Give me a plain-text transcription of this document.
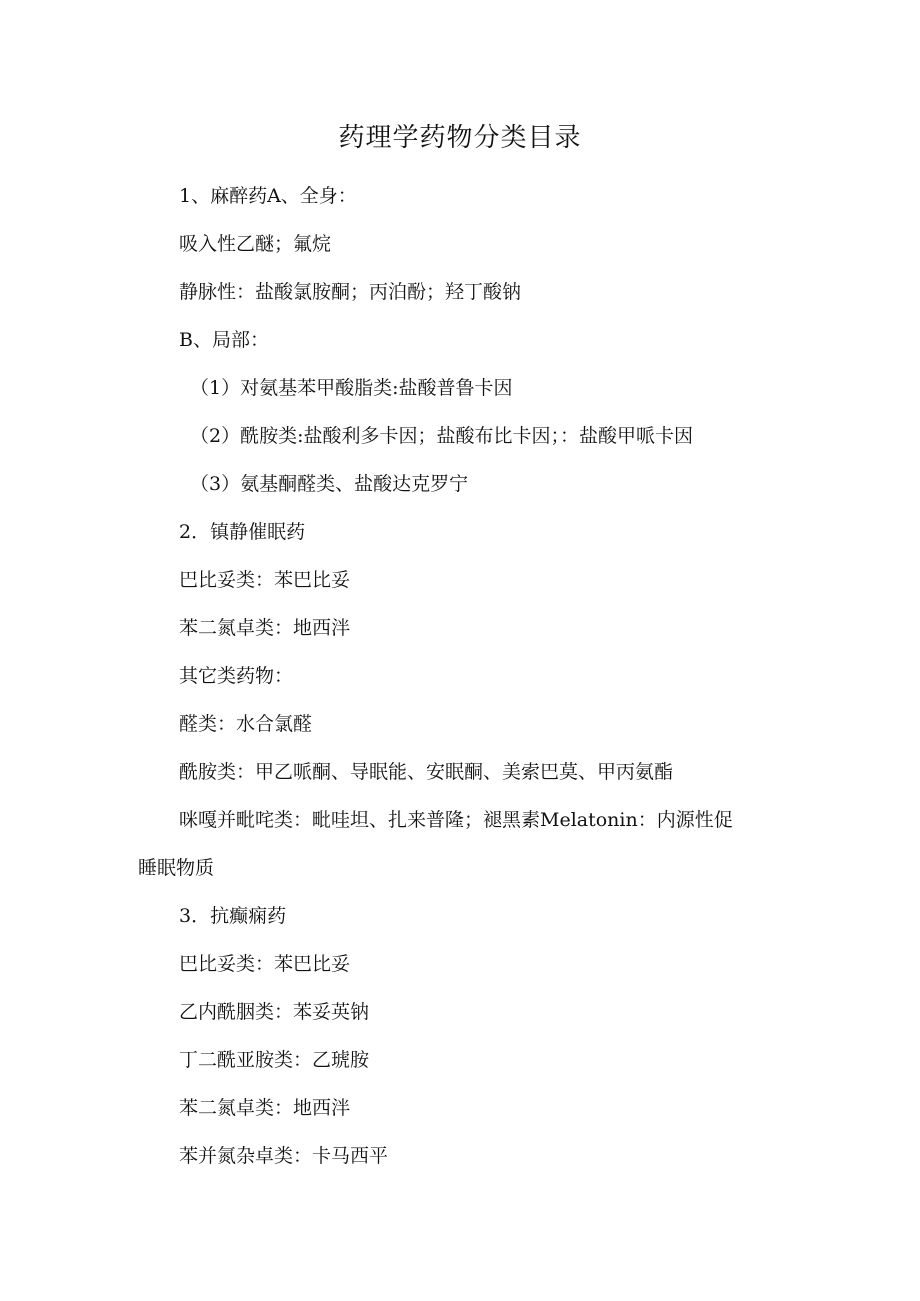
药理学药物分类目录
1、麻醉药A、全身：
吸入性乙醚；氟烷
静脉性：盐酸氯胺酮；丙泊酚；羟丁酸钠
B、局部：
（1）对氨基苯甲酸脂类:盐酸普鲁卡因
（2）酰胺类:盐酸利多卡因；盐酸布比卡因；：盐酸甲哌卡因
（3）氨基酮醛类、盐酸达克罗宁
2．镇静催眠药
巴比妥类：苯巴比妥
苯二氮卓类：地西泮
其它类药物：
醛类：水合氯醛
酰胺类：甲乙哌酮、导眠能、安眠酮、美索巴莫、甲丙氨酯
咪嘎并毗咤类：毗哇坦、扎来普隆；褪黑素Melatonin：内源性促
睡眠物质
3．抗癫痫药
巴比妥类：苯巴比妥
乙内酰胭类：苯妥英钠
丁二酰亚胺类：乙琥胺
苯二氮卓类：地西泮
苯并氮杂卓类：卡马西平
